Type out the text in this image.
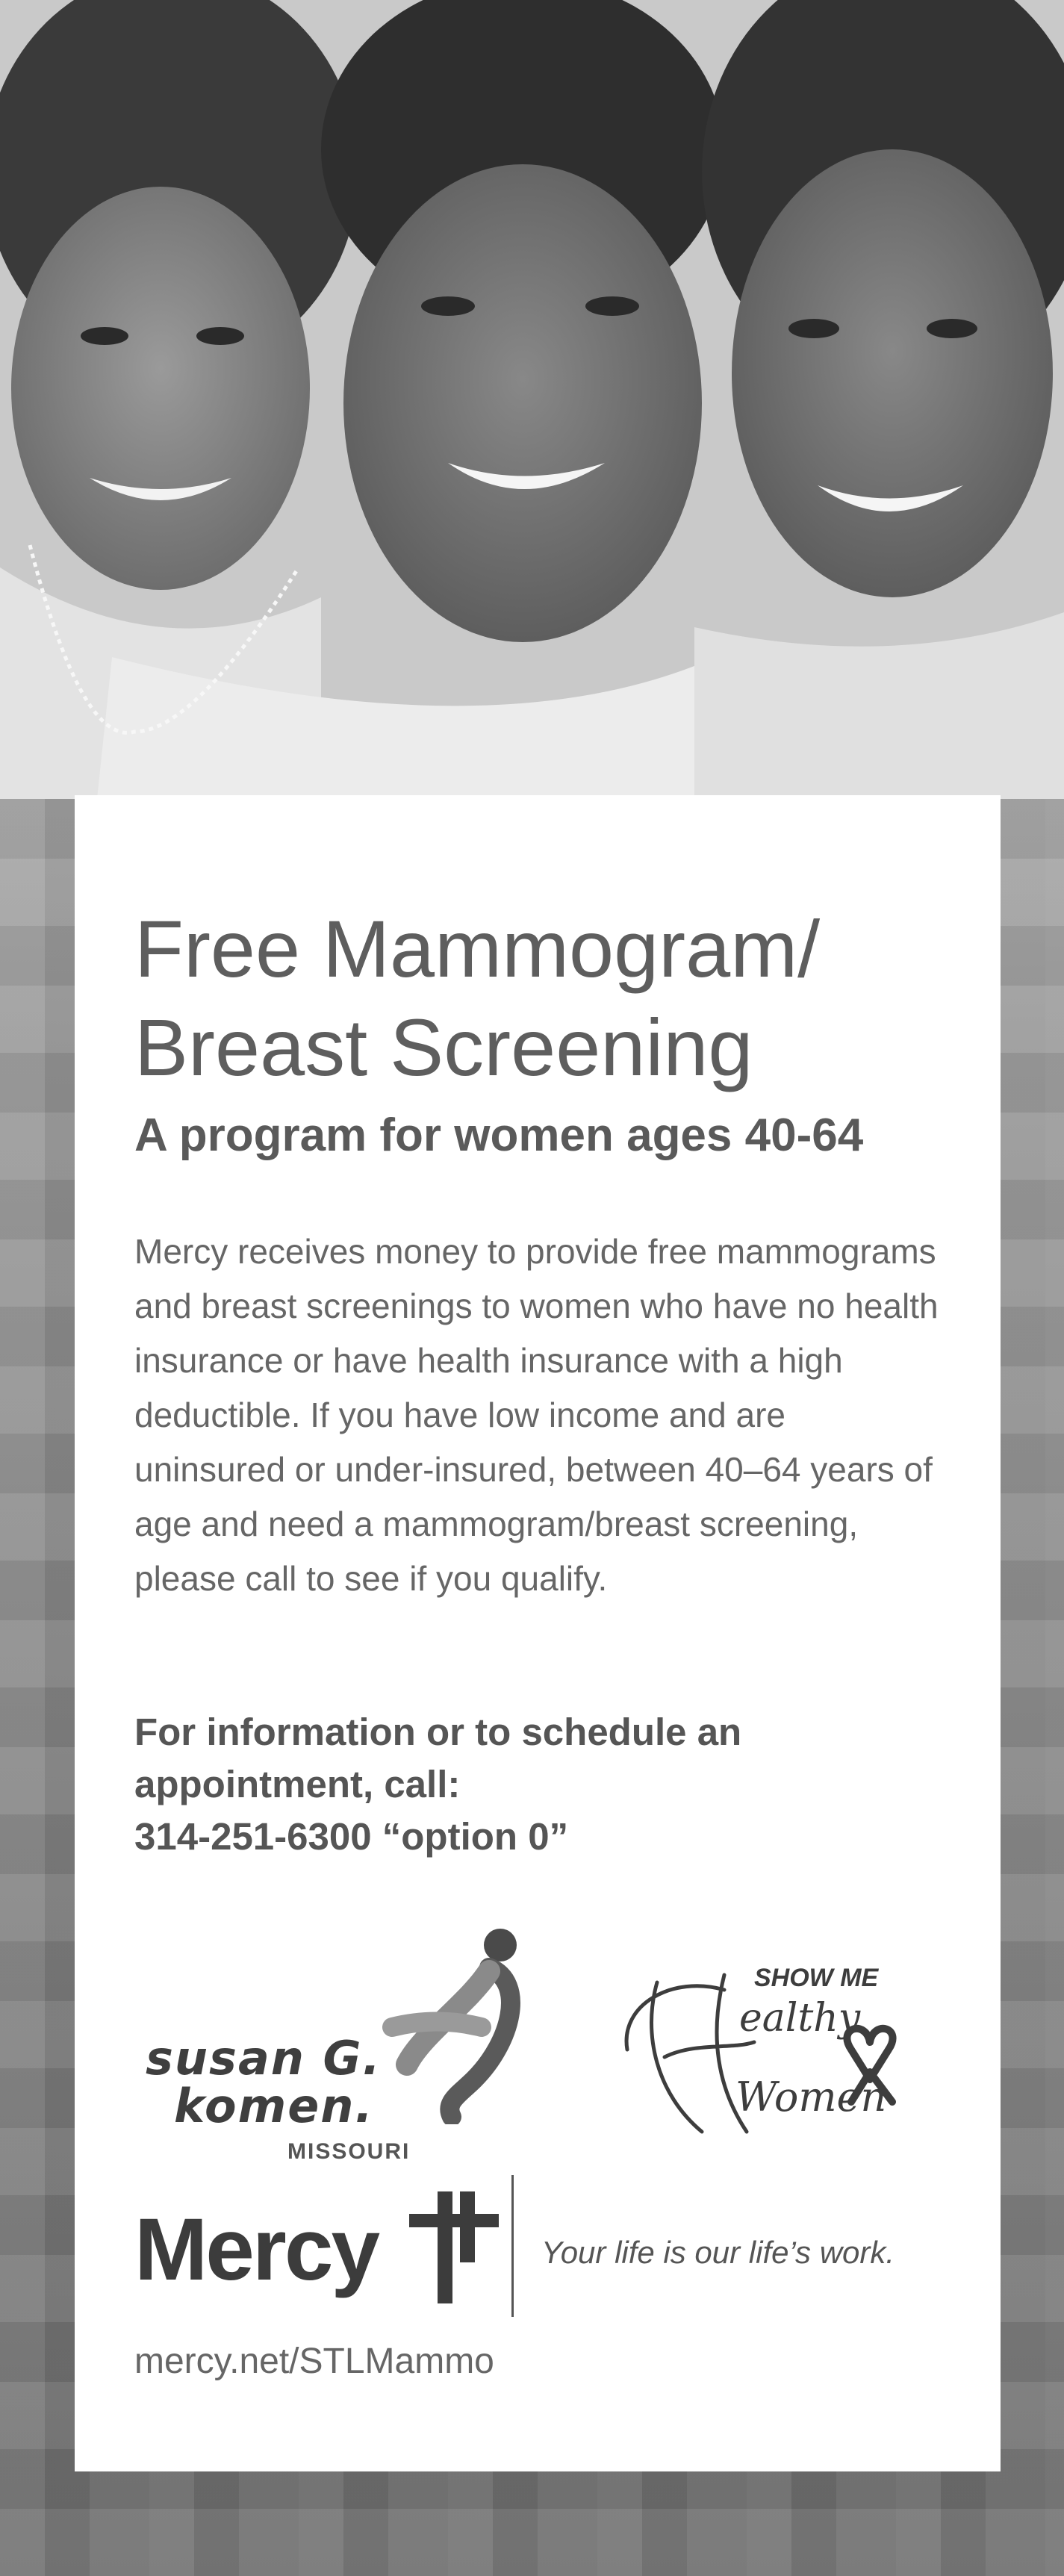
Free Mammogram/
Breast Screening
A program for women ages 40-64

Mercy receives money to provide free mammograms and breast screenings to women who have no health insurance or have health insurance with a high deductible. If you have low income and are uninsured or under-insured, between 40–64 years of age and need a mammogram/breast screening, please call to see if you qualify.

For information or to schedule an
appointment, call:
314-251-6300 “option 0”

susan G.
komen.
MISSOURI
SHOW ME
ealthy
Women
Mercy	Your life is our life’s work.
mercy.net/STLMammo
